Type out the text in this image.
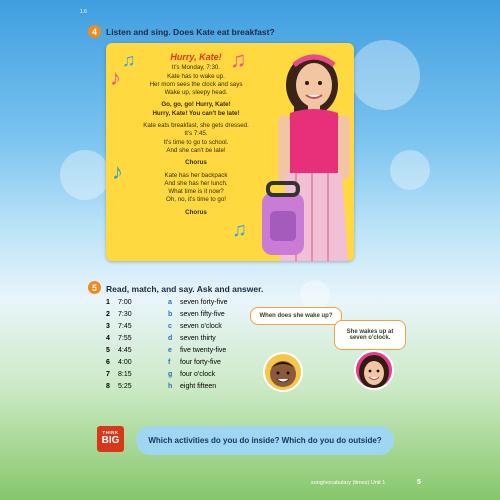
1.6
4	Listen and sing. Does Kate eat breakfast?
Hurry, Kate!
It's Monday, 7:30.
Kate has to wake up.
Her mom sees the clock and says
Wake up, sleepy head.
Go, go, go! Hurry, Kate!
Hurry, Kate! You can't be late!
Kate eats breakfast, she gets dressed.
It's 7:45.
It's time to go to school.
And she can't be late!
Chorus
Kate has her backpack
And she has her lunch.
What time is it now?
Oh, no, it's time to go!
Chorus
♪
♫	♫
♪
♫
5	Read, match, and say. Ask and answer.
1	7:00	a	seven forty-five
2	7:30	b	seven fifty-five
3	7:45	c	seven o'clock
4	7:55	d	seven thirty
5	4:45	e	five twenty-five
6	4:00	f	four forty-five
7	8:15	g	four o'clock
8	5:25	h	eight fifteen
When does she wake up?
She wakes up at seven o'clock.
THINK
BIG	Which activities do you do inside? Which do you do outside?
song/vocabulary (times) Unit 1	5
